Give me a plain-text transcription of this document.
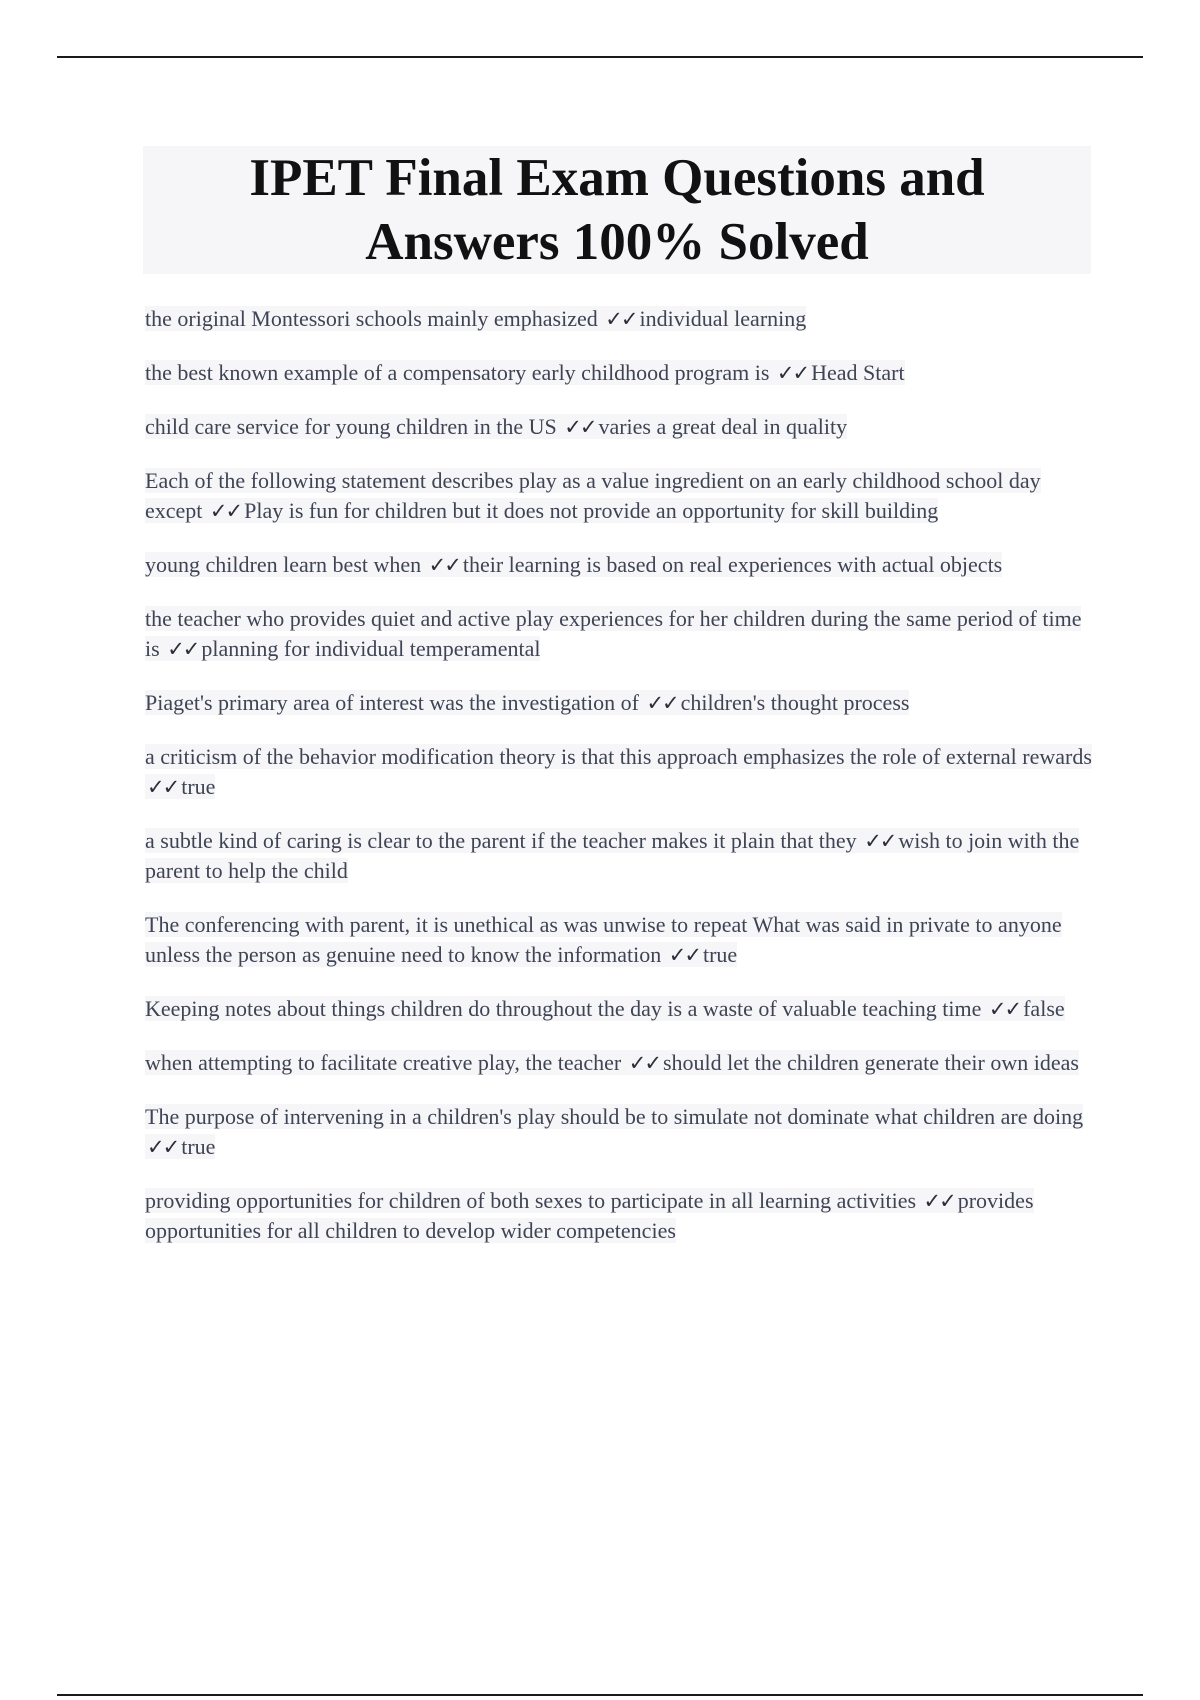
IPET Final Exam Questions and Answers 100% Solved

the original Montessori schools mainly emphasized ✓✓ individual learning

the best known example of a compensatory early childhood program is ✓✓ Head Start

child care service for young children in the US ✓✓ varies a great deal in quality

Each of the following statement describes play as a value ingredient on an early childhood school day except ✓✓ Play is fun for children but it does not provide an opportunity for skill building

young children learn best when ✓✓ their learning is based on real experiences with actual objects

the teacher who provides quiet and active play experiences for her children during the same period of time is ✓✓ planning for individual temperamental

Piaget's primary area of interest was the investigation of ✓✓ children's thought process

a criticism of the behavior modification theory is that this approach emphasizes the role of external rewards ✓✓ true

a subtle kind of caring is clear to the parent if the teacher makes it plain that they ✓✓ wish to join with the parent to help the child

The conferencing with parent, it is unethical as was unwise to repeat What was said in private to anyone unless the person as genuine need to know the information ✓✓ true

Keeping notes about things children do throughout the day is a waste of valuable teaching time ✓✓ false

when attempting to facilitate creative play, the teacher ✓✓ should let the children generate their own ideas

The purpose of intervening in a children's play should be to simulate not dominate what children are doing ✓✓ true

providing opportunities for children of both sexes to participate in all learning activities ✓✓ provides opportunities for all children to develop wider competencies
